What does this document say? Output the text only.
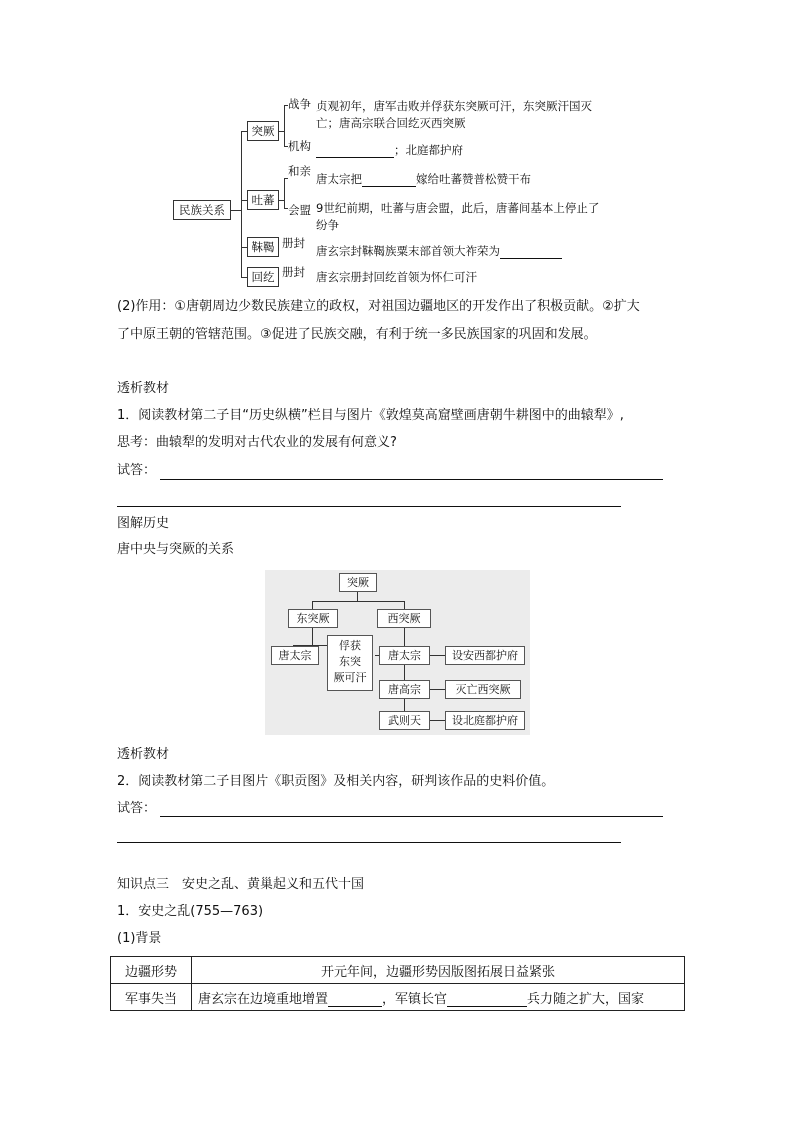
民族关系
突厥
战争 贞观初年，唐军击败并俘获东突厥可汗，东突厥汗国灭
亡；唐高宗联合回纥灭西突厥
机构	；北庭都护府
吐蕃
和亲
唐太宗把	嫁给吐蕃赞普松赞干布
会盟 9世纪前期，吐蕃与唐会盟，此后，唐蕃间基本上停止了
纷争
靺鞨 册封
唐玄宗封靺鞨族粟末部首领大祚荣为
回纥 册封 唐玄宗册封回纥首领为怀仁可汗
(2)作用：①唐朝周边少数民族建立的政权，对祖国边疆地区的开发作出了积极贡献。②扩大
了中原王朝的管辖范围。③促进了民族交融，有利于统一多民族国家的巩固和发展。
透析教材
1．阅读教材第二子目“历史纵横”栏目与图片《敦煌莫高窟壁画唐朝牛耕图中的曲辕犁》,
思考：曲辕犁的发明对古代农业的发展有何意义?
试答：
图解历史
唐中央与突厥的关系
突厥
东突厥	西突厥
唐太宗
俘获
东突
厥可汗
唐太宗	设安西都护府
唐高宗	灭亡西突厥
武则天	设北庭都护府
透析教材
2．阅读教材第二子目图片《职贡图》及相关内容，研判该作品的史料价值。
试答：
知识点三　安史之乱、黄巢起义和五代十国
1．安史之乱(755—763)
(1)背景
边疆形势	开元年间，边疆形势因版图拓展日益紧张
军事失当	唐玄宗在边境重地增置 ，军镇长官 兵力随之扩大，国家
